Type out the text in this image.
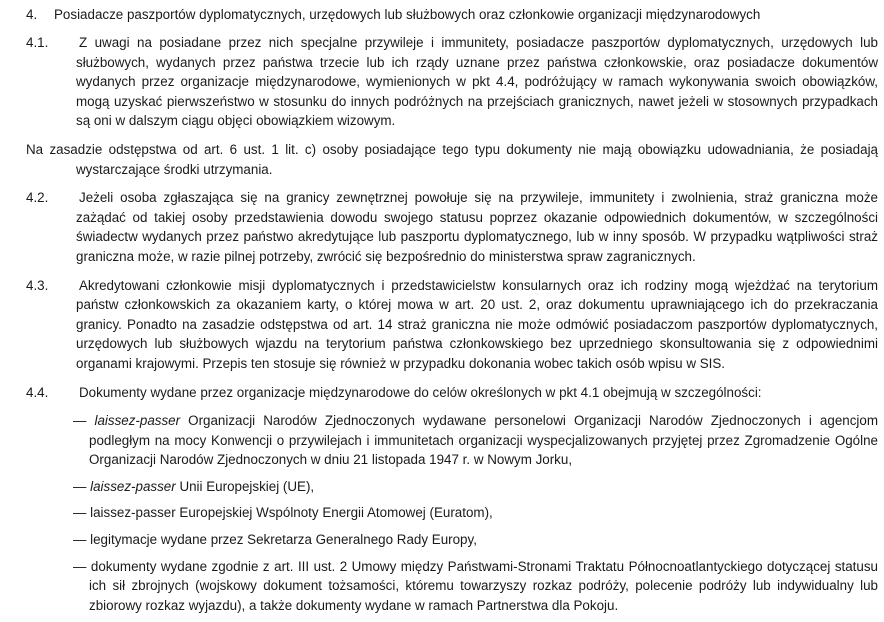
4.	Posiadacze paszportów dyplomatycznych, urzędowych lub służbowych oraz członkowie organizacji międzynarodowych
4.1.	Z uwagi na posiadane przez nich specjalne przywileje i immunitety, posiadacze paszportów dyplomatycznych, urzędowych lub służbowych, wydanych przez państwa trzecie lub ich rządy uznane przez państwa członkowskie, oraz posiadacze dokumentów wydanych przez organizacje międzynarodowe, wymienionych w pkt 4.4, podróżujący w ramach wykonywania swoich obowiązków, mogą uzyskać pierwszeństwo w stosunku do innych podróżnych na przejściach granicznych, nawet jeżeli w stosownych przypadkach są oni w dalszym ciągu objęci obowiązkiem wizowym.
Na zasadzie odstępstwa od art. 6 ust. 1 lit. c) osoby posiadające tego typu dokumenty nie mają obowiązku udowadniania, że posiadają wystarczające środki utrzymania.
4.2.	Jeżeli osoba zgłaszająca się na granicy zewnętrznej powołuje się na przywileje, immunitety i zwolnienia, straż graniczna może zażądać od takiej osoby przedstawienia dowodu swojego statusu poprzez okazanie odpowiednich dokumentów, w szczególności świadectw wydanych przez państwo akredytujące lub paszportu dyplomatycznego, lub w inny sposób. W przypadku wątpliwości straż graniczna może, w razie pilnej potrzeby, zwrócić się bezpośrednio do ministerstwa spraw zagranicznych.
4.3.	Akredytowani członkowie misji dyplomatycznych i przedstawicielstw konsularnych oraz ich rodziny mogą wjeżdżać na terytorium państw członkowskich za okazaniem karty, o której mowa w art. 20 ust. 2, oraz dokumentu uprawniającego ich do przekraczania granicy. Ponadto na zasadzie odstępstwa od art. 14 straż graniczna nie może odmówić posiadaczom paszportów dyplomatycznych, urzędowych lub służbowych wjazdu na terytorium państwa członkowskiego bez uprzedniego skonsultowania się z odpowiednimi organami krajowymi. Przepis ten stosuje się również w przypadku dokonania wobec takich osób wpisu w SIS.
4.4.	Dokumenty wydane przez organizacje międzynarodowe do celów określonych w pkt 4.1 obejmują w szczególności:
— laissez-passer Organizacji Narodów Zjednoczonych wydawane personelowi Organizacji Narodów Zjednoczonych i agencjom podległym na mocy Konwencji o przywilejach i immunitetach organizacji wyspecjalizowanych przyjętej przez Zgromadzenie Ogólne Organizacji Narodów Zjednoczonych w dniu 21 listopada 1947 r. w Nowym Jorku,
— laissez-passer Unii Europejskiej (UE),
— laissez-passer Europejskiej Wspólnoty Energii Atomowej (Euratom),
— legitymacje wydane przez Sekretarza Generalnego Rady Europy,
— dokumenty wydane zgodnie z art. III ust. 2 Umowy między Państwami-Stronami Traktatu Północnoatlantyckiego dotyczącej statusu ich sił zbrojnych (wojskowy dokument tożsamości, któremu towarzyszy rozkaz podróży, polecenie podróży lub indywidualny lub zbiorowy rozkaz wyjazdu), a także dokumenty wydane w ramach Partnerstwa dla Pokoju.
